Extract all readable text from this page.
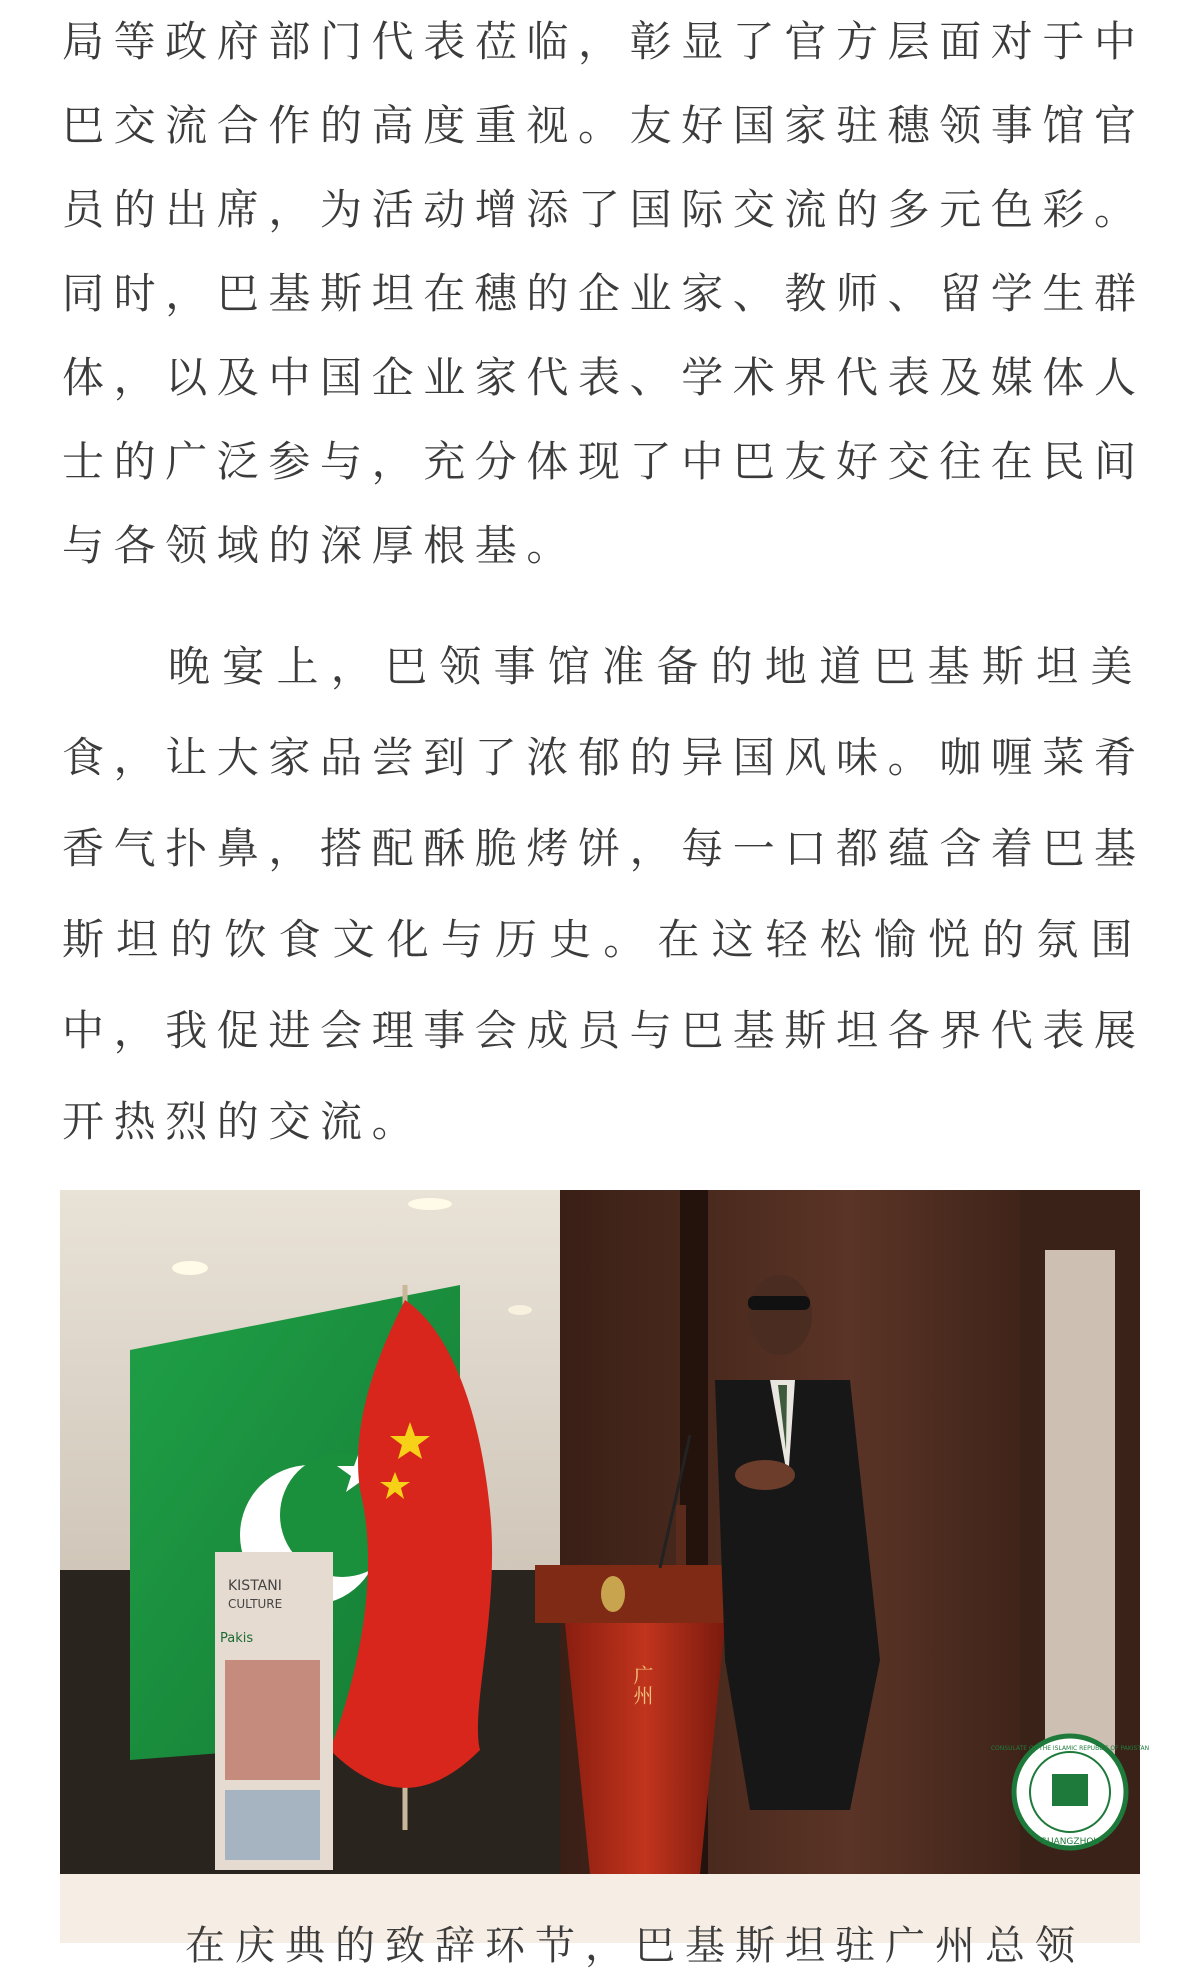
局等政府部门代表莅临，彰显了官方层面对于中
巴交流合作的高度重视。友好国家驻穗领事馆官
员的出席，为活动增添了国际交流的多元色彩。
同时，巴基斯坦在穗的企业家、教师、留学生群
体，以及中国企业家代表、学术界代表及媒体人
士的广泛参与，充分体现了中巴友好交往在民间
与各领域的深厚根基。
晚宴上，巴领事馆准备的地道巴基斯坦美
食，让大家品尝到了浓郁的异国风味。咖喱菜肴
香气扑鼻，搭配酥脆烤饼，每一口都蕴含着巴基
斯坦的饮食文化与历史。在这轻松愉悦的氛围
中，我促进会理事会成员与巴基斯坦各界代表展
开热烈的交流。
KISTANI
CULTURE
Pakis
广州
GUANGZHOU
CONSULATE OF THE ISLAMIC REPUBLIC OF PAKISTAN

在庆典的致辞环节，巴基斯坦驻广州总领
